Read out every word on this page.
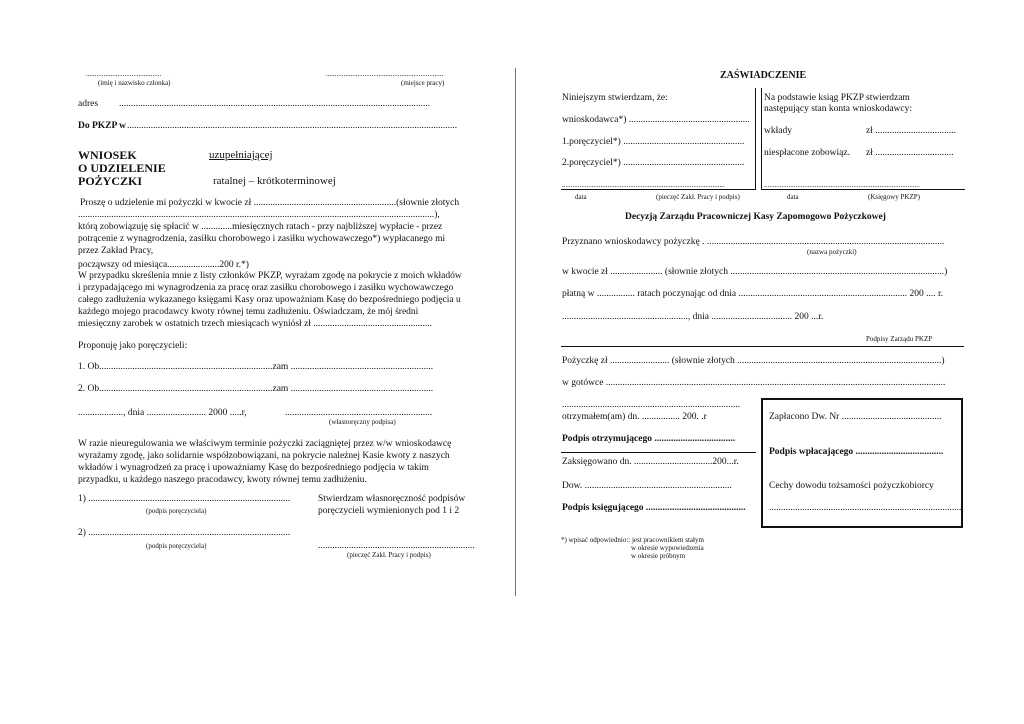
...........................................
(imię i nazwisko członka)
...................................................................
(miejsce pracy)
adres ...................................................................................................................................
Do PKZP w ...........................................................................................................................................
WNIOSEK
O UDZIELENIE
POŻYCZKI
uzupełniającej
ratalnej – krótkoterminowej
Proszę o udzielenie mi pożyczki w kwocie zł ............................................................(słownie złotych
......................................................................................................................................................),
którą zobowiązuję się spłacić w .............miesięcznych ratach - przy najbliższej wypłacie - przez
potrącenie z wynagrodzenia, zasiłku chorobowego i zasiłku wychowawczego*) wypłacanego mi
przez Zakład Pracy,
począwszy od miesiąca......................200 r.*)
W przypadku skreślenia mnie z listy członków PKZP, wyrażam zgodę na pokrycie z moich wkładów
i przypadającego mi wynagrodzenia za pracę oraz zasiłku chorobowego i zasiłku wychowawczego
całego zadłużenia wykazanego księgami Kasy oraz upoważniam Kasę do bezpośredniego podjęcia u
każdego mojego pracodawcy kwoty równej temu zadłużeniu. Oświadczam, że mój średni
miesięczny zarobek w ostatnich trzech miesiącach wyniósł zł ..................................................
Proponuję jako poręczycieli:
1. Ob.........................................................................zam ............................................................
2. Ob.........................................................................zam ............................................................
..................., dnia ......................... 2000 .....r,	..............................................................
(własnoręczny podpisa)
W razie nieuregulowania we właściwym terminie pożyczki zaciągniętej przez w/w wnioskodawcę
wyrażamy zgodę, jako solidarnie współzobowiązani, na pokrycie należnej Kasie kwoty z naszych
wkładów i wynagrodzeń za pracę i upoważniamy Kasę do bezpośredniego podjęcia w takim
przypadku, u każdego naszego pracodawcy, kwoty równej temu zadłużeniu.
1) .....................................................................................
(podpis poręczyciela)
Stwierdzam własnoręczność podpisów
poręczycieli wymienionych pod 1 i 2
2) .....................................................................................
(podpis poręczyciela)	..................................................................
(pieczęć Zakł. Pracy i podpis)
ZAŚWIADCZENIE
Niniejszym stwierdzam, że:
wnioskodawca*) ...................................................
1.poręczyciel*) ...................................................
2.poręczyciel*) ...................................................
.............................................................................................
data	(pieczęć Zakł. Pracy i podpis)
Na podstawie ksiąg PKZP stwierdzam
następujący stan konta wnioskodawcy:
wkłady	zł ..................................
niespłacone zobowiąz. zł .................................
.........................................................................................
data	(Księgowy PKZP)
Decyzją Zarządu Pracowniczej Kasy Zapomogowo Pożyczkowej
Przyznano wnioskodawcy pożyczkę . ....................................................................................................
(nazwa pożyczki)
w kwocie zł ...................... (słownie złotych ..........................................................................................)
płatną w ................ ratach poczynając od dnia ....................................................................... 200 .... r.
....................................................., dnia .................................. 200 ...r.
Podpisy Zarządu PKZP
Pożyczkę zł ......................... (słownie złotych ......................................................................................)
w gotówce ...............................................................................................................................................
...........................................................................
otrzymałem(am) dn. ................ 200. .r
Podpis otrzymującego ..................................
Zaksięgowano dn. .................................200...r.
Dow. ..............................................................
Podpis księgującego ..........................................
Zapłacono Dw. Nr ..........................................
Podpis wpłacającego .....................................
Cechy dowodu tożsamości pożyczkobiorcy
..................................................................................
*) wpisać odpowiednio:: jest pracownikiem stałym
w okresie wypowiedzenia
w okresie próbnym
